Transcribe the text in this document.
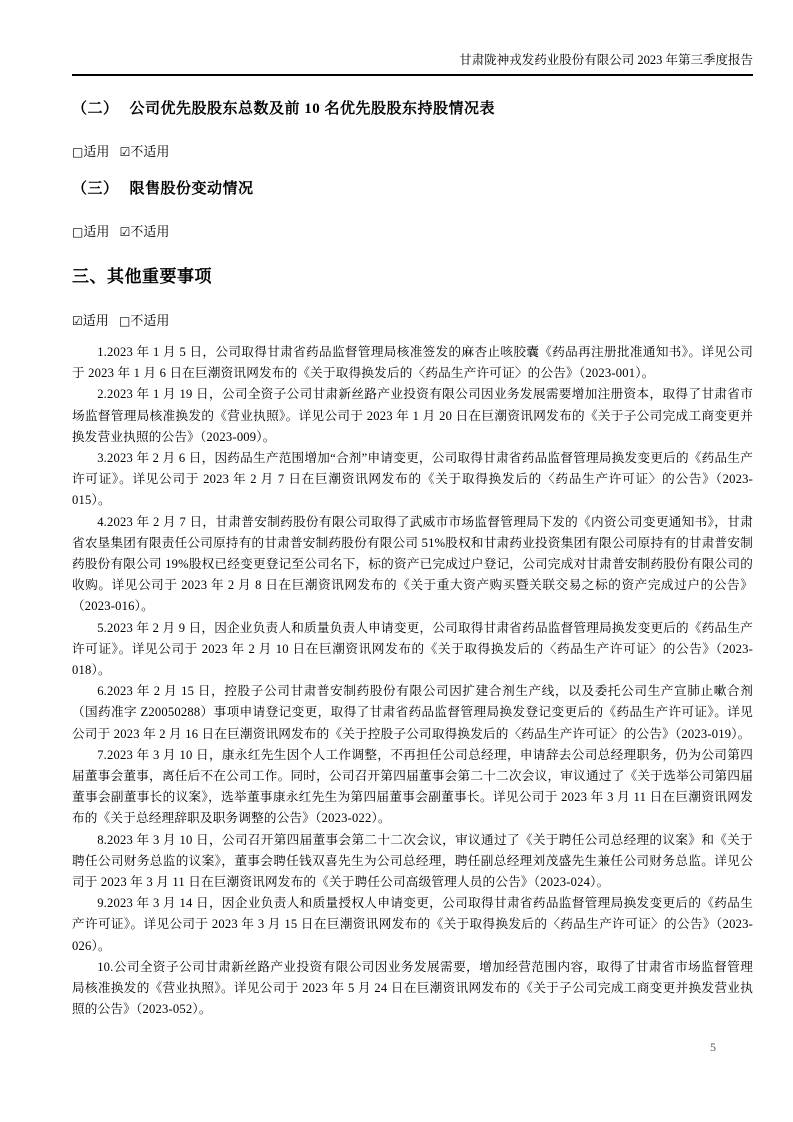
甘肃陇神戎发药业股份有限公司 2023 年第三季度报告
（二） 公司优先股股东总数及前 10 名优先股股东持股情况表
□适用 ☑不适用
（三） 限售股份变动情况
□适用 ☑不适用
三、其他重要事项
☑适用 □不适用

1.2023 年 1 月 5 日，公司取得甘肃省药品监督管理局核准签发的麻杏止咳胶囊《药品再注册批准通知书》。详见公司于 2023 年 1 月 6 日在巨潮资讯网发布的《关于取得换发后的〈药品生产许可证〉的公告》（2023-001）。

2.2023 年 1 月 19 日，公司全资子公司甘肃新丝路产业投资有限公司因业务发展需要增加注册资本，取得了甘肃省市场监督管理局核准换发的《营业执照》。详见公司于 2023 年 1 月 20 日在巨潮资讯网发布的《关于子公司完成工商变更并换发营业执照的公告》（2023-009）。

3.2023 年 2 月 6 日，因药品生产范围增加“合剂”申请变更，公司取得甘肃省药品监督管理局换发变更后的《药品生产许可证》。详见公司于 2023 年 2 月 7 日在巨潮资讯网发布的《关于取得换发后的〈药品生产许可证〉的公告》（2023-015）。

4.2023 年 2 月 7 日，甘肃普安制药股份有限公司取得了武威市市场监督管理局下发的《内资公司变更通知书》，甘肃省农垦集团有限责任公司原持有的甘肃普安制药股份有限公司 51%股权和甘肃药业投资集团有限公司原持有的甘肃普安制药股份有限公司 19%股权已经变更登记至公司名下，标的资产已完成过户登记，公司完成对甘肃普安制药股份有限公司的收购。详见公司于 2023 年 2 月 8 日在巨潮资讯网发布的《关于重大资产购买暨关联交易之标的资产完成过户的公告》（2023-016）。

5.2023 年 2 月 9 日，因企业负责人和质量负责人申请变更，公司取得甘肃省药品监督管理局换发变更后的《药品生产许可证》。详见公司于 2023 年 2 月 10 日在巨潮资讯网发布的《关于取得换发后的〈药品生产许可证〉的公告》（2023-018）。

6.2023 年 2 月 15 日，控股子公司甘肃普安制药股份有限公司因扩建合剂生产线，以及委托公司生产宣肺止嗽合剂（国药准字 Z20050288）事项申请登记变更，取得了甘肃省药品监督管理局换发登记变更后的《药品生产许可证》。详见公司于 2023 年 2 月 16 日在巨潮资讯网发布的《关于控股子公司取得换发后的〈药品生产许可证〉的公告》（2023-019）。

7.2023 年 3 月 10 日，康永红先生因个人工作调整，不再担任公司总经理，申请辞去公司总经理职务，仍为公司第四届董事会董事，离任后不在公司工作。同时，公司召开第四届董事会第二十二次会议，审议通过了《关于选举公司第四届董事会副董事长的议案》，选举董事康永红先生为第四届董事会副董事长。详见公司于 2023 年 3 月 11 日在巨潮资讯网发布的《关于总经理辞职及职务调整的公告》（2023-022）。

8.2023 年 3 月 10 日，公司召开第四届董事会第二十二次会议，审议通过了《关于聘任公司总经理的议案》和《关于聘任公司财务总监的议案》，董事会聘任钱双喜先生为公司总经理，聘任副总经理刘茂盛先生兼任公司财务总监。详见公司于 2023 年 3 月 11 日在巨潮资讯网发布的《关于聘任公司高级管理人员的公告》（2023-024）。

9.2023 年 3 月 14 日，因企业负责人和质量授权人申请变更，公司取得甘肃省药品监督管理局换发变更后的《药品生产许可证》。详见公司于 2023 年 3 月 15 日在巨潮资讯网发布的《关于取得换发后的〈药品生产许可证〉的公告》（2023-026）。

10.公司全资子公司甘肃新丝路产业投资有限公司因业务发展需要，增加经营范围内容，取得了甘肃省市场监督管理局核准换发的《营业执照》。详见公司于 2023 年 5 月 24 日在巨潮资讯网发布的《关于子公司完成工商变更并换发营业执照的公告》（2023-052）。

5
